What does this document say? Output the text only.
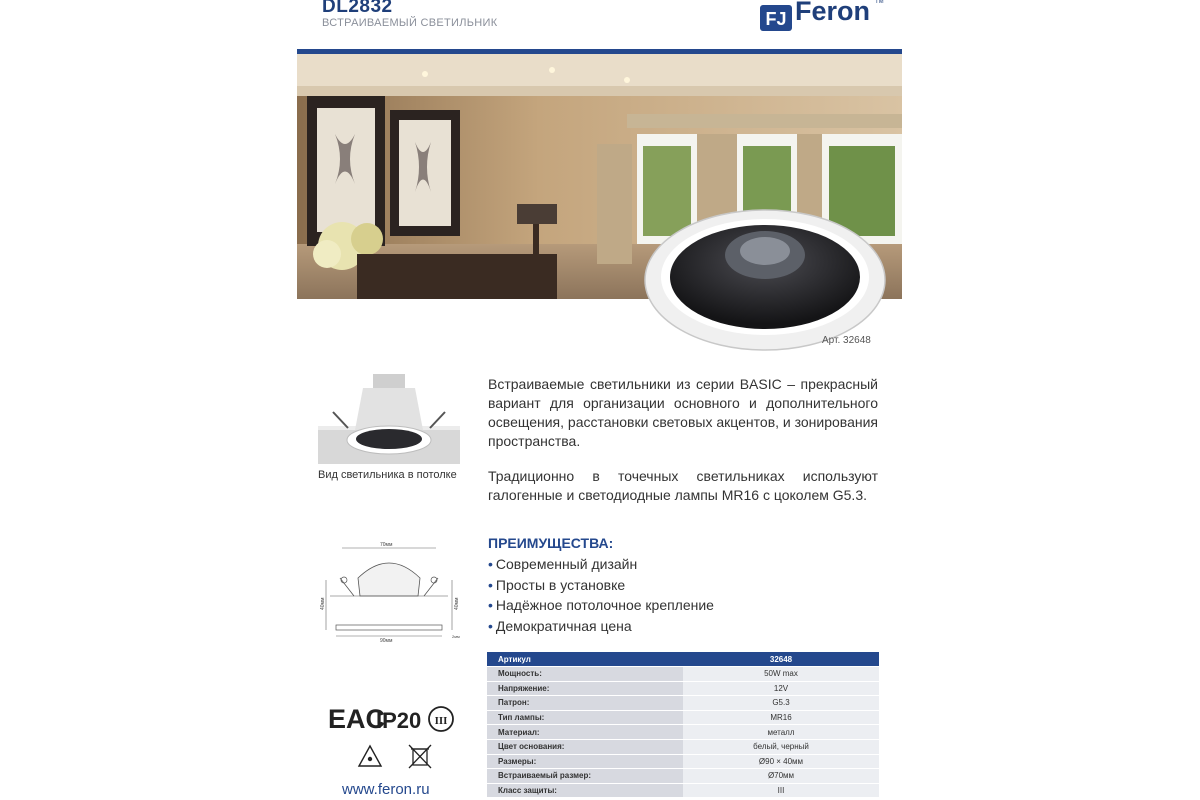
DL2832
ВСТРАИВАЕМЫЙ СВЕТИЛЬНИК	FJ Feron TM
Арт. 32648
Вид светильника в потолке
70мм
40мм	40мм
90мм
2мм
EAC
IP20 III
www.feron.ru
Встраиваемые светильники из серии BASIC – прекрасный вариант для организации основного и дополнительного освещения, расстановки световых акцентов, и зонирования пространства.
Традиционно в точечных светильниках используют галогенные и светодиодные лампы MR16 с цоколем G5.3.
ПРЕИМУЩЕСТВА:
• Современный дизайн
• Просты в установке
• Надёжное потолочное крепление
• Демократичная цена
Артикул	32648
Мощность:	50W max
Напряжение:	12V
Патрон:	G5.3
Тип лампы:	MR16
Материал:	металл
Цвет основания:	белый, черный
Размеры:	Ø90 × 40мм
Встраиваемый размер:	Ø70мм
Класс защиты:	III
